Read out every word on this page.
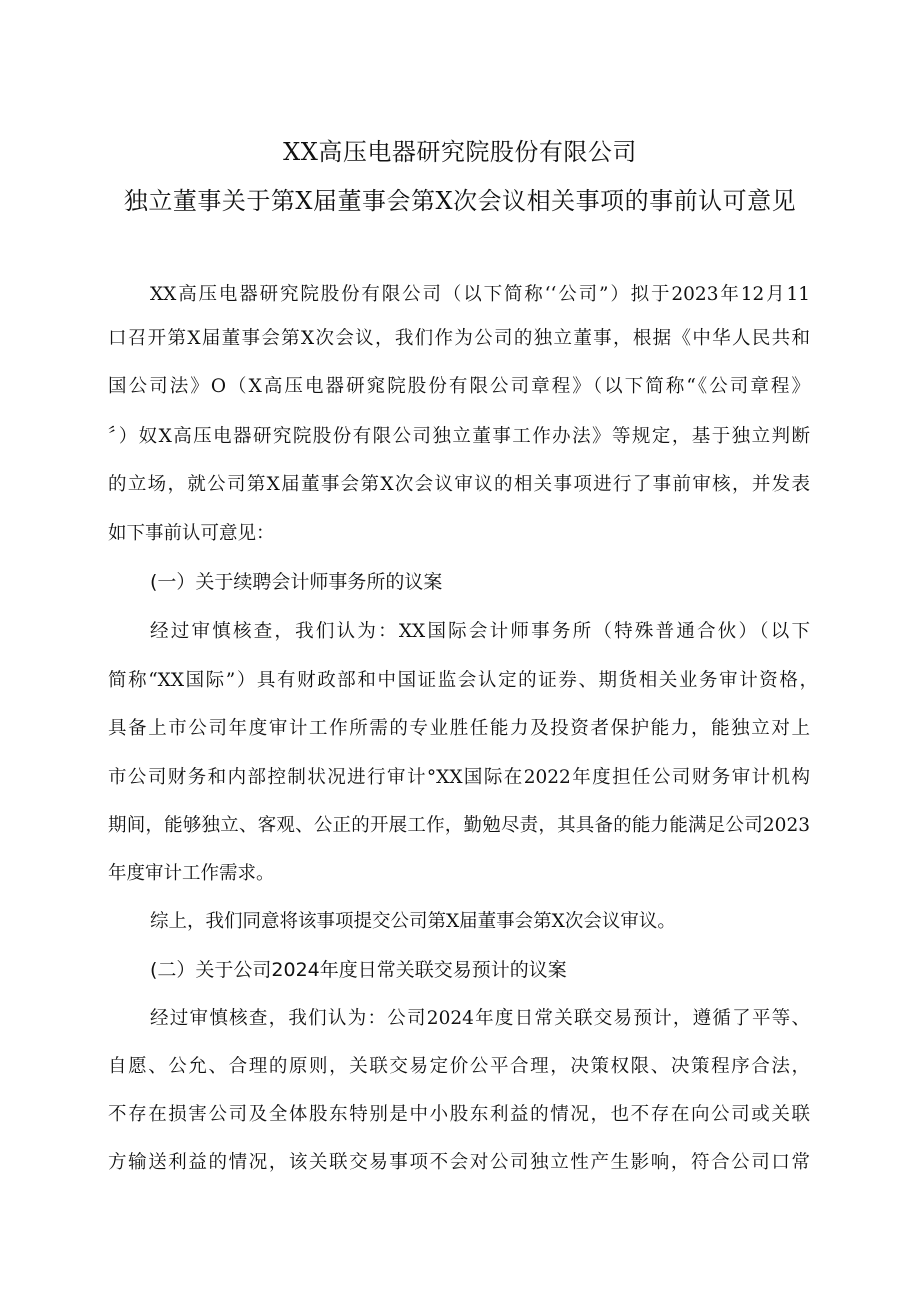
XX高压电器研究院股份有限公司
独立董事关于第X届董事会第X次会议相关事项的事前认可意见
XX高压电器研究院股份有限公司（以下简称‘‘公司”）拟于2023年12月11
口召开第X届董事会第X次会议，我们作为公司的独立董事，根据《中华人民共和
国公司法》O（X高压电器研窕院股份有限公司章程》（以下简称“《公司章程》
〞）奴X高压电器研究院股份有限公司独立董事工作办法》等规定，基于独立判断
的立场，就公司第X届董事会第X次会议审议的相关事项进行了事前审核，并发表
如下事前认可意见：
(一）关于续聘会计师事务所的议案
经过审慎核查，我们认为：XX国际会计师事务所（特殊普通合伙）（以下
简称“XX国际”）具有财政部和中国证监会认定的证券、期货相关业务审计资格，
具备上市公司年度审计工作所需的专业胜任能力及投资者保护能力，能独立对上
市公司财务和内部控制状况进行审计°XX国际在2022年度担任公司财务审计机构
期间，能够独立、客观、公正的开展工作，勤勉尽责，其具备的能力能满足公司2023
年度审计工作需求。
综上，我们同意将该事项提交公司第X届董事会第X次会议审议。
(二）关于公司2024年度日常关联交易预计的议案
经过审慎核查，我们认为：公司2024年度日常关联交易预计，遵循了平等、
自愿、公允、合理的原则，关联交易定价公平合理，决策权限、决策程序合法，
不存在损害公司及全体股东特别是中小股东利益的情况，也不存在向公司或关联
方输送利益的情况，该关联交易事项不会对公司独立性产生影响，符合公司口常
